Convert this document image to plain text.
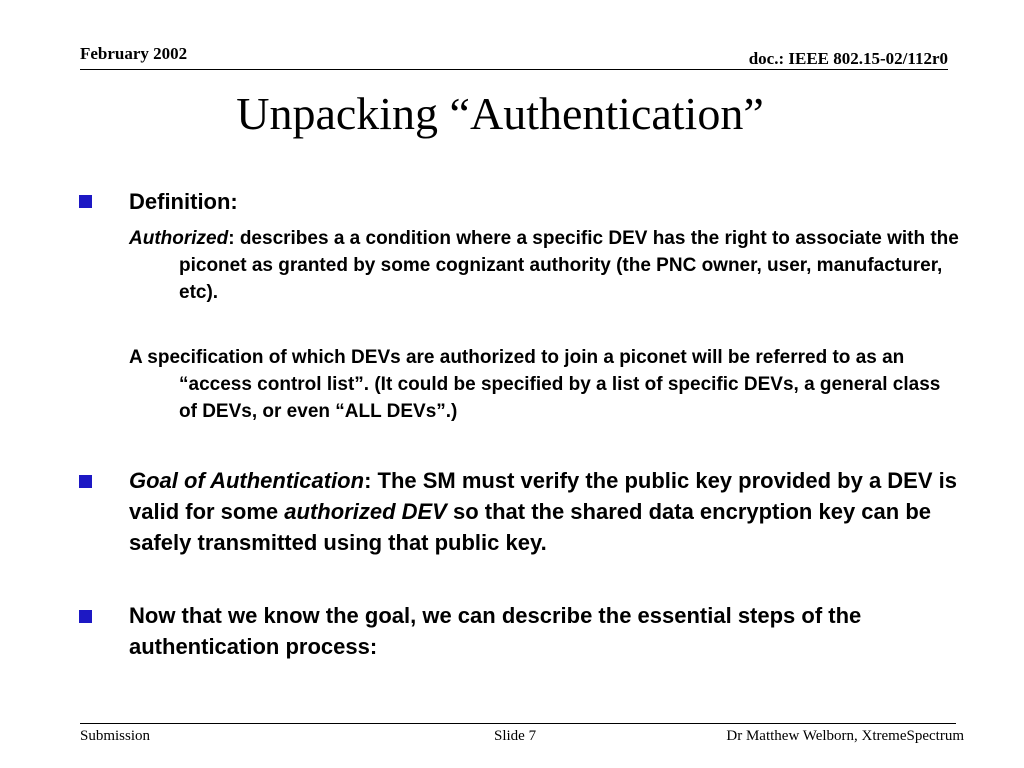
February 2002	doc.: IEEE 802.15-02/112r0
Unpacking “Authentication”
Definition:
Authorized: describes a a condition where a specific DEV has the right to associate with the piconet as granted by some cognizant authority (the PNC owner, user, manufacturer, etc).
A specification of which DEVs are authorized to join a piconet will be referred to as an “access control list”. (It could be specified by a list of specific DEVs, a general class of DEVs, or even “ALL DEVs”.)
Goal of Authentication: The SM must verify the public key provided by a DEV is valid for some authorized DEV so that the shared data encryption key can be safely transmitted using that public key.
Now that we know the goal, we can describe the essential steps of the authentication process:
Submission	Slide 7	Dr Matthew Welborn, XtremeSpectrum
